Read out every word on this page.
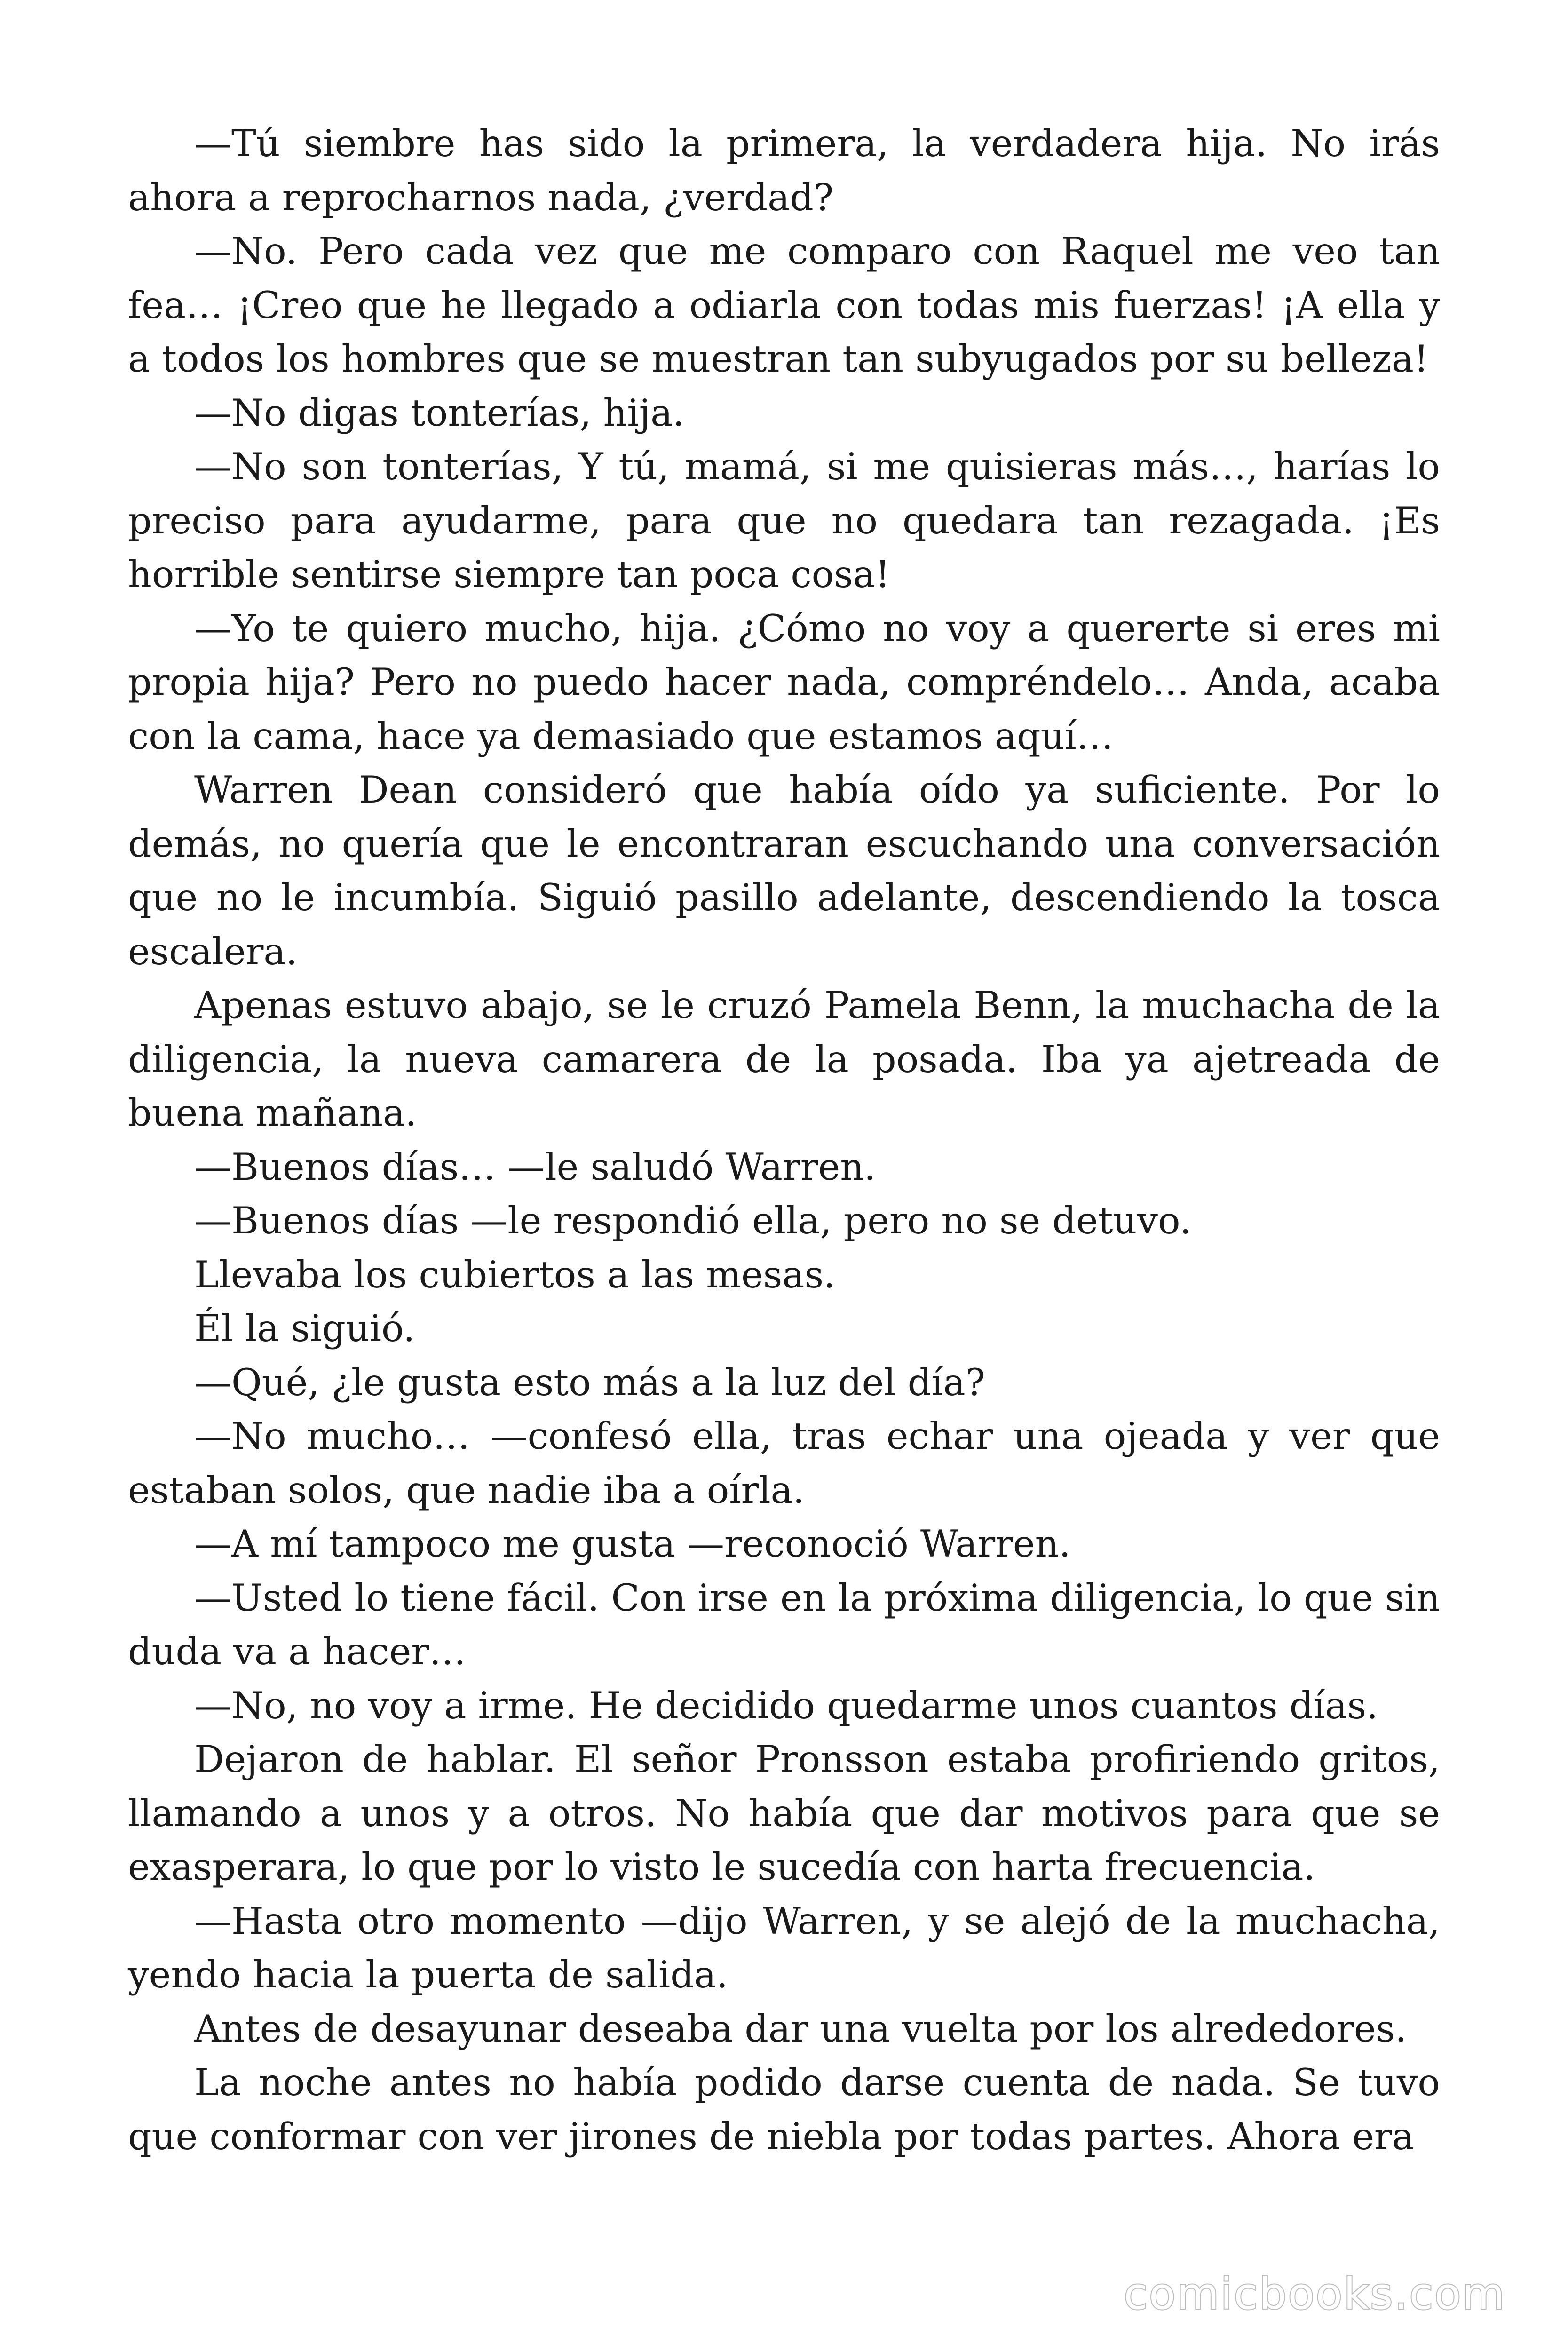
—Tú siembre has sido la primera, la verdadera hija. No irás ahora a reprocharnos nada, ¿verdad?

—No. Pero cada vez que me comparo con Raquel me veo tan fea… ¡Creo que he llegado a odiarla con todas mis fuerzas! ¡A ella y a todos los hombres que se muestran tan subyugados por su belleza!

—No digas tonterías, hija.

—No son tonterías, Y tú, mamá, si me quisieras más…, harías lo preciso para ayudarme, para que no quedara tan rezagada. ¡Es horrible sentirse siempre tan poca cosa!

—Yo te quiero mucho, hija. ¿Cómo no voy a quererte si eres mi propia hija? Pero no puedo hacer nada, compréndelo… Anda, acaba con la cama, hace ya demasiado que estamos aquí…

Warren Dean consideró que había oído ya suficiente. Por lo demás, no quería que le encontraran escuchando una conversación que no le incumbía. Siguió pasillo adelante, descendiendo la tosca escalera.

Apenas estuvo abajo, se le cruzó Pamela Benn, la muchacha de la diligencia, la nueva camarera de la posada. Iba ya ajetreada de buena mañana.

—Buenos días… —le saludó Warren.

—Buenos días —le respondió ella, pero no se detuvo.

Llevaba los cubiertos a las mesas.

Él la siguió.

—Qué, ¿le gusta esto más a la luz del día?

—No mucho… —confesó ella, tras echar una ojeada y ver que estaban solos, que nadie iba a oírla.

—A mí tampoco me gusta —reconoció Warren.

—Usted lo tiene fácil. Con irse en la próxima diligencia, lo que sin duda va a hacer…

—No, no voy a irme. He decidido quedarme unos cuantos días.

Dejaron de hablar. El señor Pronsson estaba profiriendo gritos, llamando a unos y a otros. No había que dar motivos para que se exasperara, lo que por lo visto le sucedía con harta frecuencia.

—Hasta otro momento —dijo Warren, y se alejó de la muchacha, yendo hacia la puerta de salida.

Antes de desayunar deseaba dar una vuelta por los alrededores.

La noche antes no había podido darse cuenta de nada. Se tuvo que conformar con ver jirones de niebla por todas partes. Ahora era

comicbooks.com
